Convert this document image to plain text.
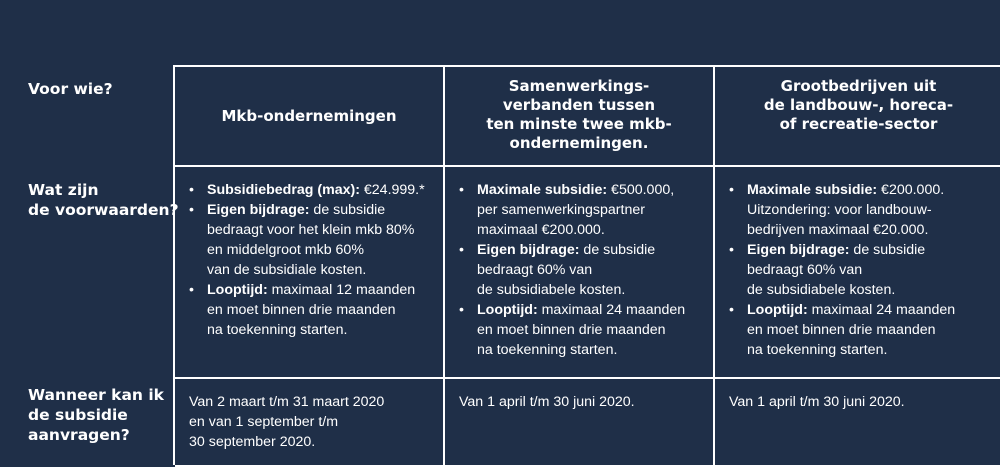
Voor wie?
Wat zijn
de voorwaarden?
Wanneer kan ik
de subsidie
aanvragen?
Mkb-ondernemingen
Samenwerkings-
verbanden tussen
ten minste twee mkb-
ondernemingen.
Grootbedrijven uit
de landbouw-, horeca-
of recreatie-sector
• Subsidiebedrag (max): €24.999.*
• Eigen bijdrage: de subsidie
bedraagt voor het klein mkb 80%
en middelgroot mkb 60%
van de subsidiale kosten.
• Looptijd: maximaal 12 maanden
en moet binnen drie maanden
na toekenning starten.
• Maximale subsidie: €500.000,
per samenwerkingspartner
maximaal €200.000.
• Eigen bijdrage: de subsidie
bedraagt 60% van
de subsidiabele kosten.
• Looptijd: maximaal 24 maanden
en moet binnen drie maanden
na toekenning starten.
• Maximale subsidie: €200.000.
Uitzondering: voor landbouw-
bedrijven maximaal €20.000.
• Eigen bijdrage: de subsidie
bedraagt 60% van
de subsidiabele kosten.
• Looptijd: maximaal 24 maanden
en moet binnen drie maanden
na toekenning starten.
Van 2 maart t/m 31 maart 2020
en van 1 september t/m
30 september 2020.
Van 1 april t/m 30 juni 2020.	Van 1 april t/m 30 juni 2020.
